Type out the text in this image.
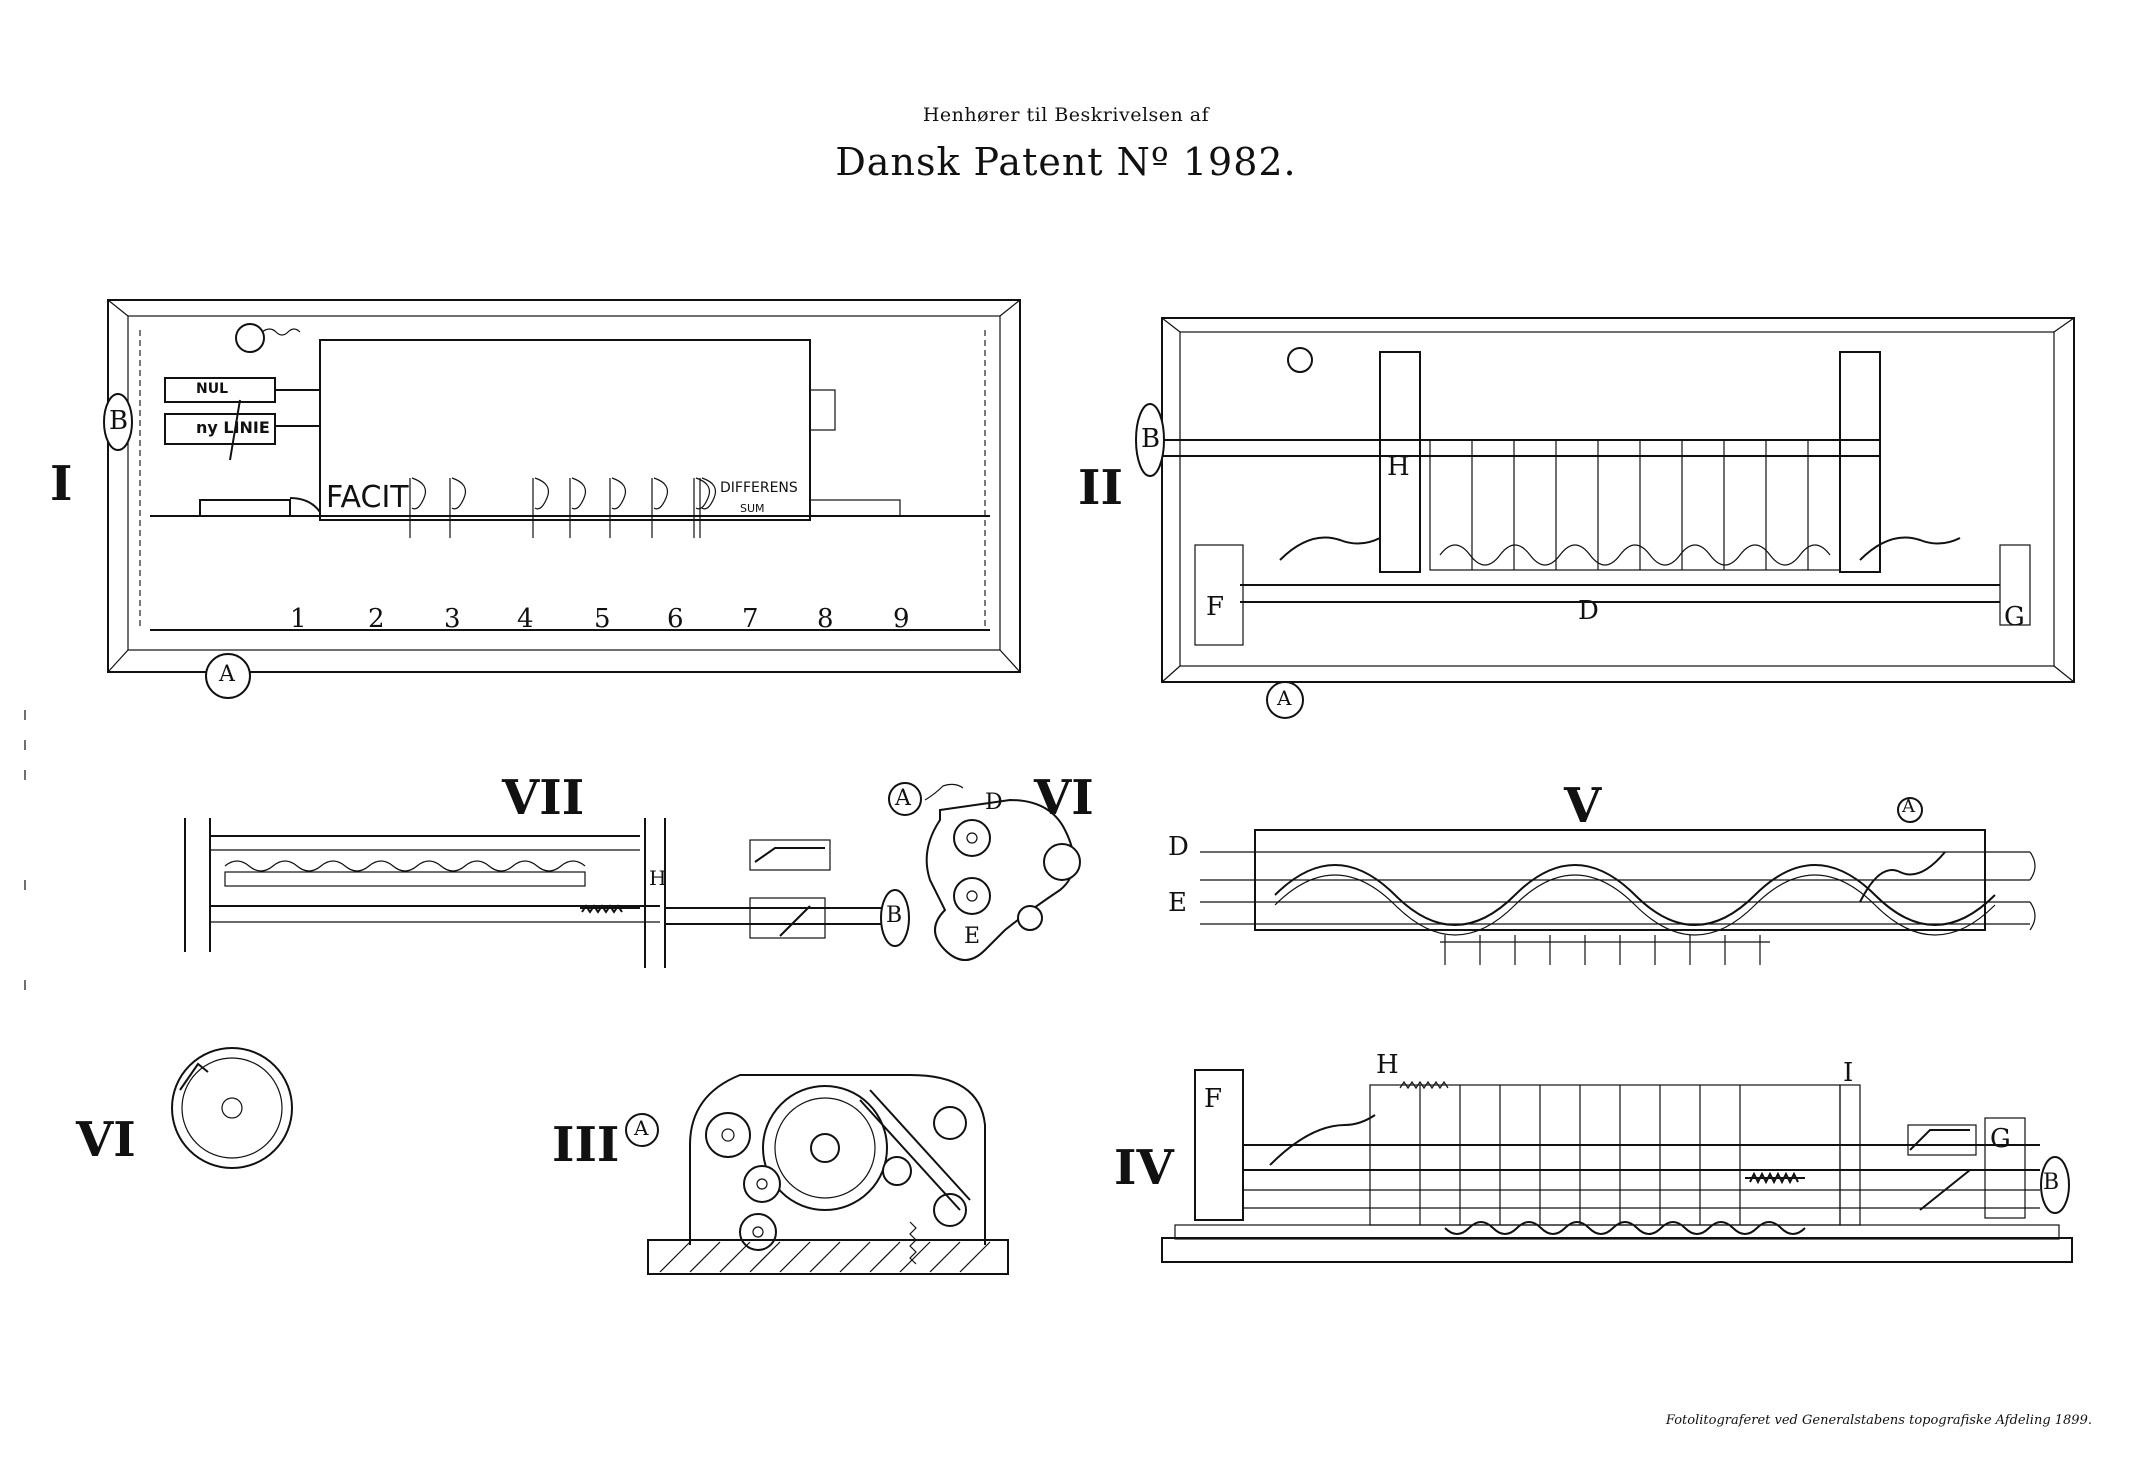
Henhører til Beskrivelsen af
Dansk Patent Nº 1982.
I
NUL
ny LINIE
FACIT	DIFFERENS
SUM
B
A
1 2 3 4 5 6 7 8 9
II
B
A
D
F	G
H
VII
B
H
VI
A	D
E
V
D
E
A
VI	III A
IV
F
G
H	I
B
Fotolitograferet ved Generalstabens topografiske Afdeling 1899.
